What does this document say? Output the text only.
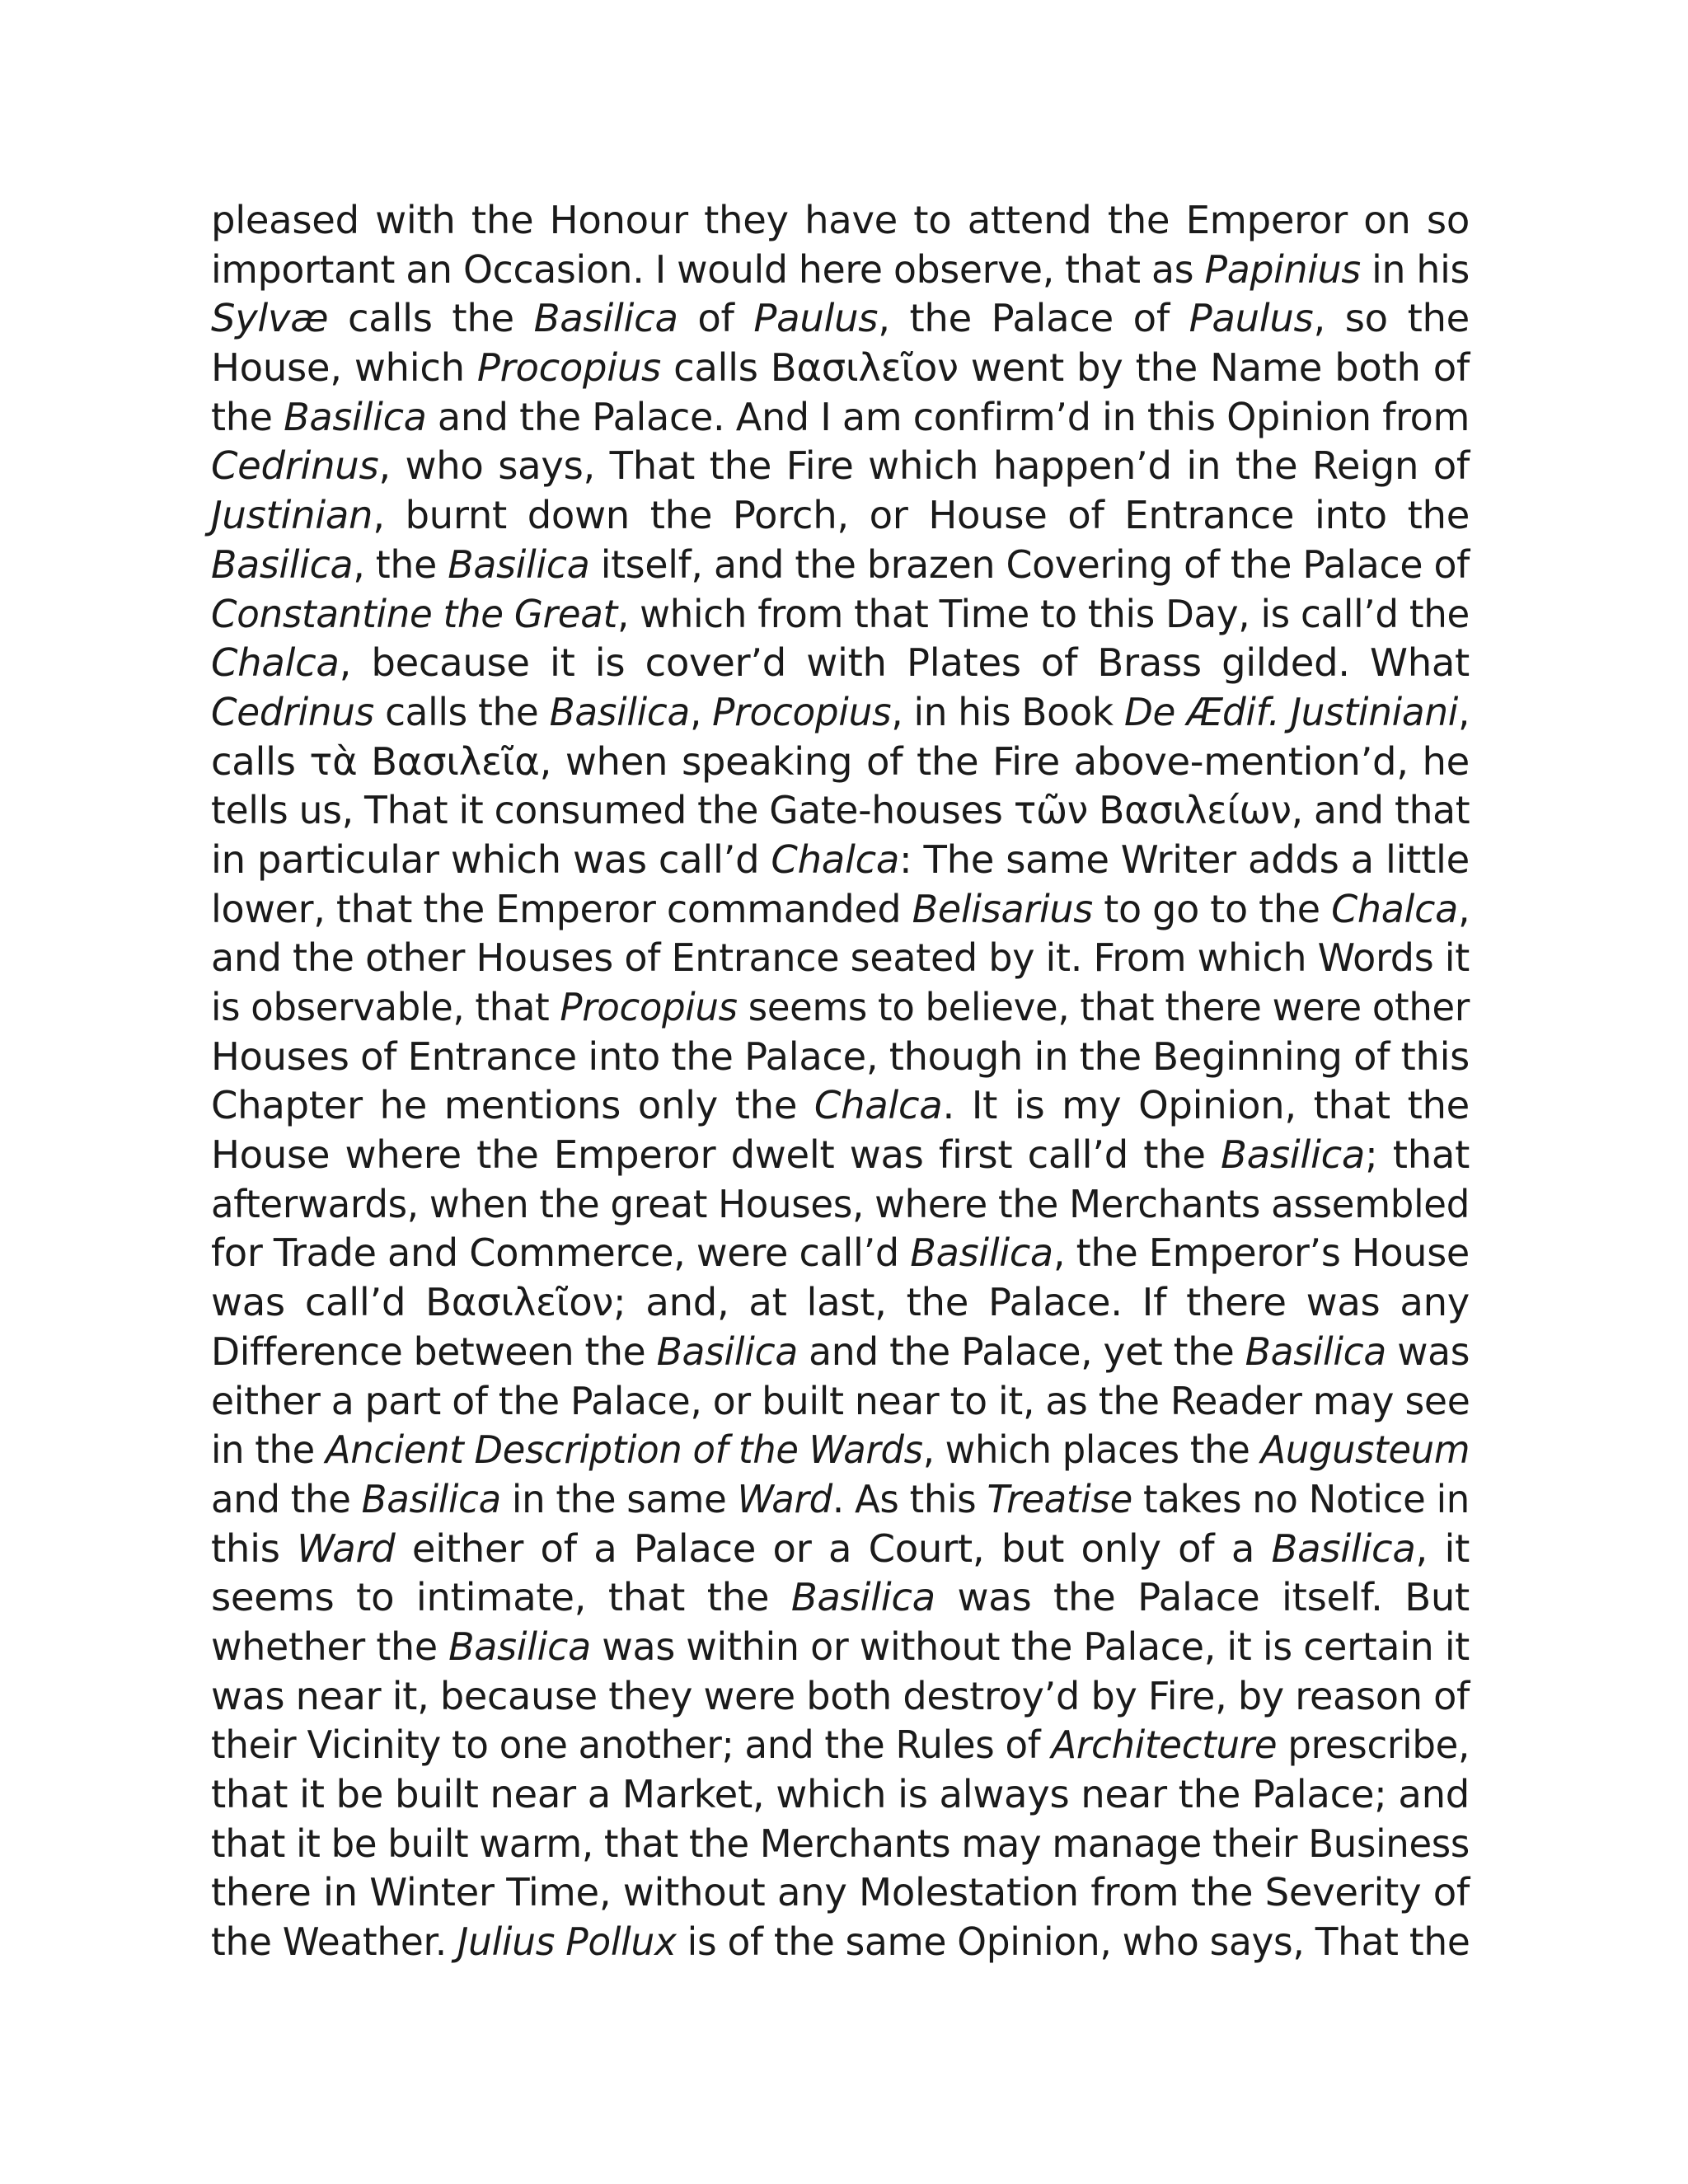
pleased with the Honour they have to attend the Emperor on so
important an Occasion. I would here observe, that as Papinius in his
Sylvæ calls the Basilica of Paulus, the Palace of Paulus, so the
House, which Procopius calls Βασιλεῖον went by the Name both of
the Basilica and the Palace. And I am confirm’d in this Opinion from
Cedrinus, who says, That the Fire which happen’d in the Reign of
Justinian, burnt down the Porch, or House of Entrance into the
Basilica, the Basilica itself, and the brazen Covering of the Palace of
Constantine the Great, which from that Time to this Day, is call’d the
Chalca, because it is cover’d with Plates of Brass gilded. What
Cedrinus calls the Basilica, Procopius, in his Book De Ædif. Justiniani,
calls τὰ Βασιλεῖα, when speaking of the Fire above-mention’d, he
tells us, That it consumed the Gate-houses τῶν Βασιλείων, and that
in particular which was call’d Chalca: The same Writer adds a little
lower, that the Emperor commanded Belisarius to go to the Chalca,
and the other Houses of Entrance seated by it. From which Words it
is observable, that Procopius seems to believe, that there were other
Houses of Entrance into the Palace, though in the Beginning of this
Chapter he mentions only the Chalca. It is my Opinion, that the
House where the Emperor dwelt was first call’d the Basilica; that
afterwards, when the great Houses, where the Merchants assembled
for Trade and Commerce, were call’d Basilica, the Emperor’s House
was call’d Βασιλεῖον; and, at last, the Palace. If there was any
Difference between the Basilica and the Palace, yet the Basilica was
either a part of the Palace, or built near to it, as the Reader may see
in the Ancient Description of the Wards, which places the Augusteum
and the Basilica in the same Ward. As this Treatise takes no Notice in
this Ward either of a Palace or a Court, but only of a Basilica, it
seems to intimate, that the Basilica was the Palace itself. But
whether the Basilica was within or without the Palace, it is certain it
was near it, because they were both destroy’d by Fire, by reason of
their Vicinity to one another; and the Rules of Architecture prescribe,
that it be built near a Market, which is always near the Palace; and
that it be built warm, that the Merchants may manage their Business
there in Winter Time, without any Molestation from the Severity of
the Weather. Julius Pollux is of the same Opinion, who says, That the
